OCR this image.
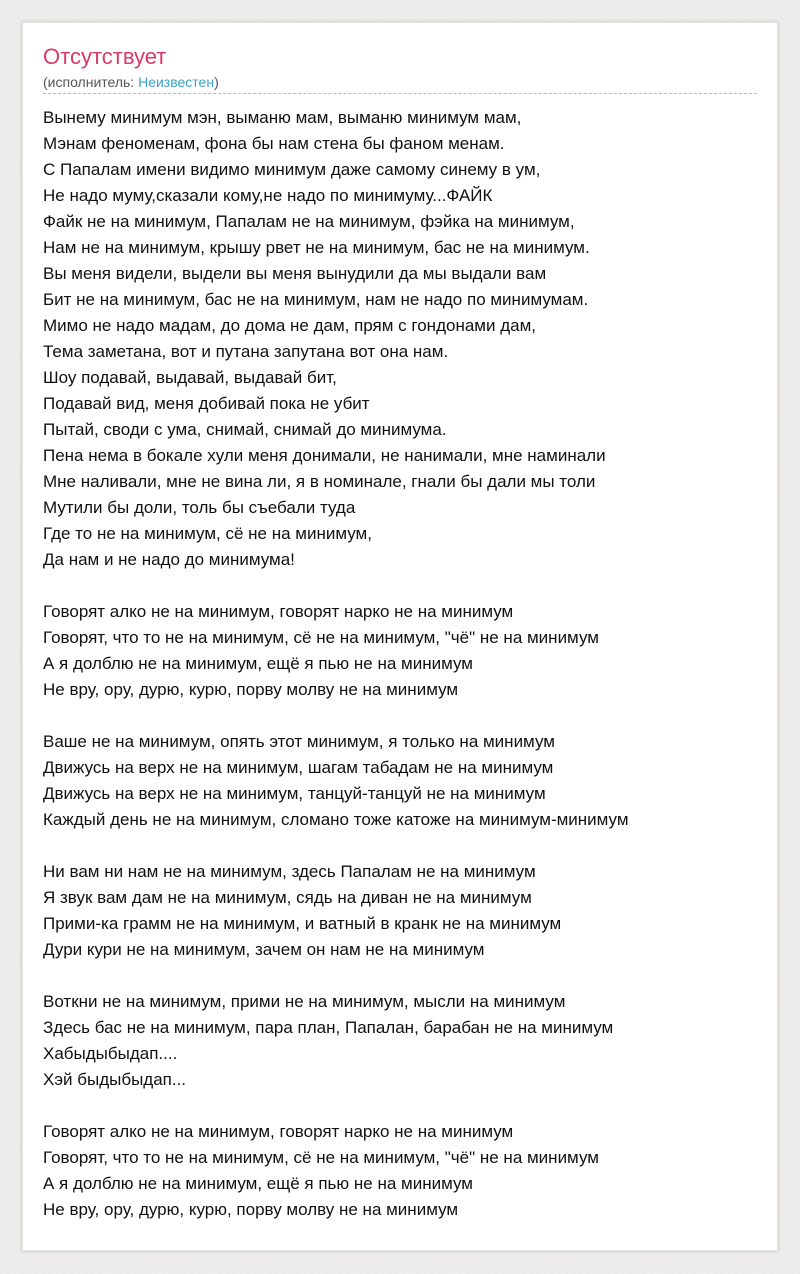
Отсутствует
(исполнитель: Неизвестен)
Вынему минимум мэн, выманю мам, выманю минимум мам,
Мэнам феноменам, фона бы нам стена бы фаном менам.
С Папалам имени видимо минимум даже самому синему в ум,
Не надо муму,сказали кому,не надо по минимуму...ФАЙК
Файк не на минимум, Папалам не на минимум, фэйка на минимум,
Нам не на минимум, крышу рвет не на минимум, бас не на минимум.
Вы меня видели, выдели вы меня вынудили да мы выдали вам
Бит не на минимум, бас не на минимум, нам не надо по минимумам.
Мимо не надо мадам, до дома не дам, прям с гондонами дам,
Тема заметана, вот и путана запутана вот она нам.
Шоу подавай, выдавай, выдавай бит,
Подавай вид, меня добивай пока не убит
Пытай, своди с ума, снимай, снимай до минимума.
Пена нема в бокале хули меня донимали, не нанимали, мне наминали
Мне наливали, мне не вина ли, я в номинале, гнали бы дали мы толи
Мутили бы доли, толь бы съебали туда
Где то не на минимум, сё не на минимум,
Да нам и не надо до минимума!
Говорят алко не на минимум, говорят нарко не на минимум
Говорят, что то не на минимум, сё не на минимум, "чё" не на минимум
А я долблю не на минимум, ещё я пью не на минимум
Не вру, ору, дурю, курю, порву молву не на минимум
Ваше не на минимум, опять этот минимум, я только на минимум
Движусь на верх не на минимум, шагам табадам не на минимум
Движусь на верх не на минимум, танцуй-танцуй не на минимум
Каждый день не на минимум, сломано тоже катоже на минимум-минимум
Ни вам ни нам не на минимум, здесь Папалам не на минимум
Я звук вам дам не на минимум, сядь на диван не на минимум
Прими-ка грамм не на минимум, и ватный в кранк не на минимум
Дури кури не на минимум, зачем он нам не на минимум
Воткни не на минимум, прими не на минимум, мысли на минимум
Здесь бас не на минимум, пара план, Папалан, барабан не на минимум
Хабыдыбыдап....
Хэй быдыбыдап...
Говорят алко не на минимум, говорят нарко не на минимум
Говорят, что то не на минимум, сё не на минимум, "чё" не на минимум
А я долблю не на минимум, ещё я пью не на минимум
Не вру, ору, дурю, курю, порву молву не на минимум
